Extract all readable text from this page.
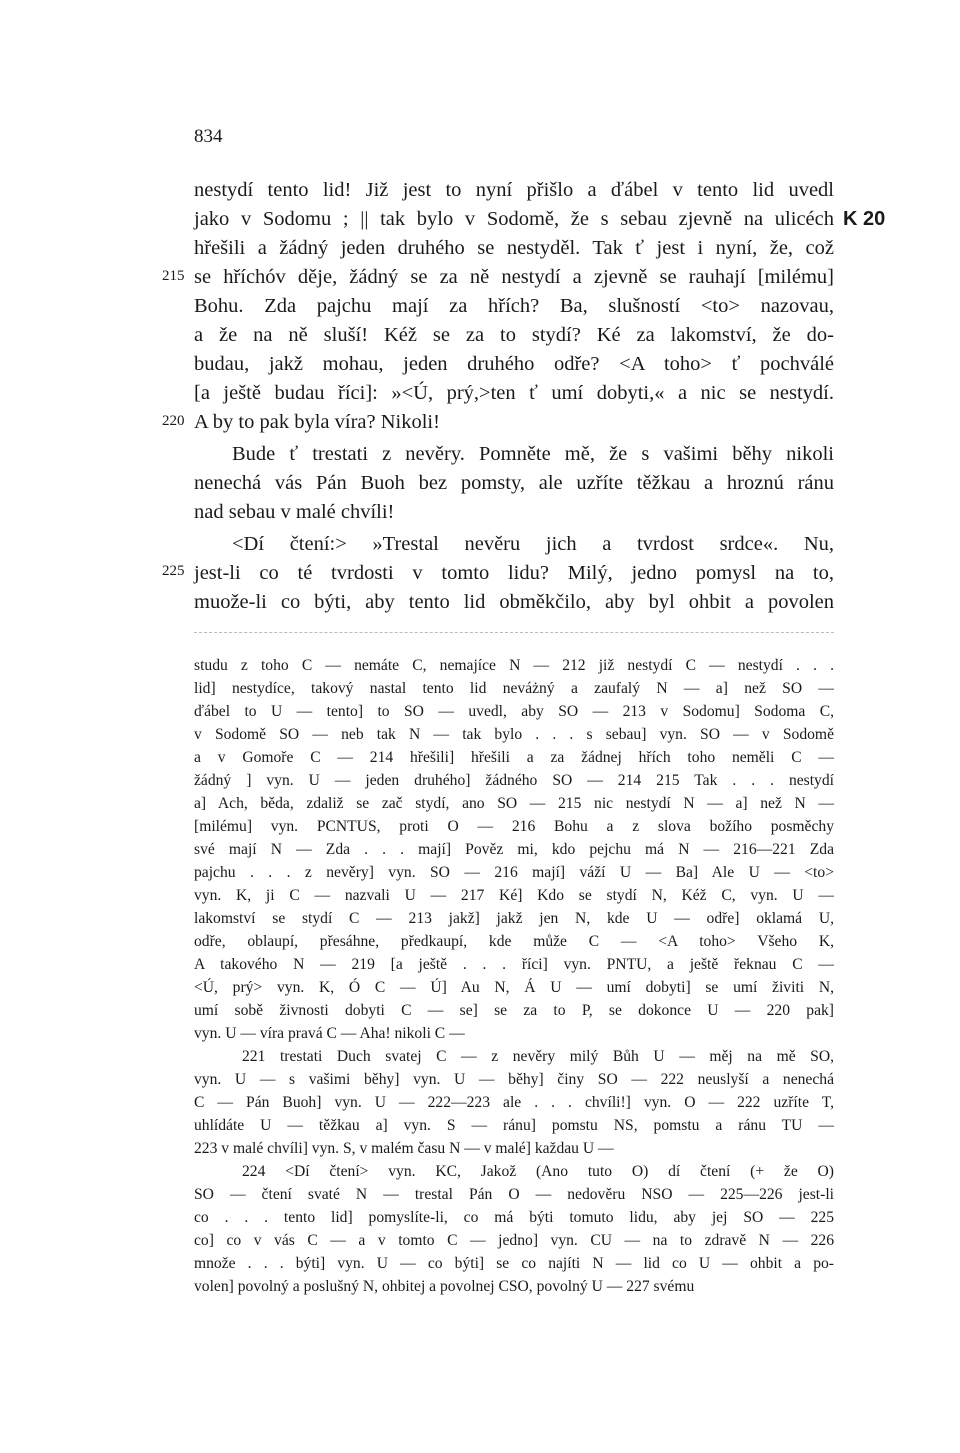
834
nestydí tento lid! Již jest to nyní přišlo a ďábel v tento lid uvedl
jako v Sodomu ; || tak bylo v Sodomě, že s sebau zjevně na ulicéch
hřešili a žádný jeden druhého se nestyděl. Tak ť jest i nyní, že, což
se hříchóv děje, žádný se za ně nestydí a zjevně se rauhají [milému]
Bohu. Zda pajchu mají za hřích? Ba, slušností <to> nazovau,
a že na ně sluší! Kéž se za to stydí? Ké za lakomství, že do-
budau, jakž mohau, jeden druhého odře? <A toho> ť pochválé
[a ještě budau říci]: »<Ú, prý,>ten ť umí dobyti,« a nic se nestydí.
A by to pak byla víra? Nikoli!
Bude ť trestati z nevěry. Pomněte mě, že s vašimi běhy nikoli
nenechá vás Pán Buoh bez pomsty, ale uzříte těžkau a hroznú ránu
nad sebau v malé chvíli!
<Dí čtení:> »Trestal nevěru jich a tvrdost srdce«. Nu,
jest-li co té tvrdosti v tomto lidu? Milý, jedno pomysl na to,
muože-li co býti, aby tento lid obměkčilo, aby byl ohbit a povolen
215
220
225
K 20
studu z toho C — nemáte C, nemajíce N — 212 již nestydí C — nestydí . . .
lid] nestydíce, takový nastal tento lid neváżný a zaufalý N — a] než SO —
ďábel to U — tento] to SO — uvedl, aby SO — 213 v Sodomu] Sodoma C,
v Sodomě SO — neb tak N — tak bylo . . . s sebau] vyn. SO — v Sodomě
a v Gomoře C — 214 hřešili] hřešili a za žádnej hřích toho neměli C —
žádný ] vyn. U — jeden druhého] žádného SO — 214 215 Tak . . . nestydí
a] Ach, běda, zdaliž se zač stydí, ano SO — 215 nic nestydí N — a] než N —
[milému] vyn. PCNTUS, proti O — 216 Bohu a z slova božího posměchy
své mají N — Zda . . . mají] Pověz mi, kdo pejchu má N — 216—221 Zda
pajchu . . . z nevěry] vyn. SO — 216 mají] váží U — Ba] Ale U — <to>
vyn. K, ji C — nazvali U — 217 Ké] Kdo se stydí N, Kéž C, vyn. U —
lakomství se stydí C — 213 jakž] jakž jen N, kde U — odře] oklamá U,
odře, oblaupí, přesáhne, předkaupí, kde může C — <A toho> Všeho K,
A takového N — 219 [a ještě . . . říci] vyn. PNTU, a ještě řeknau C —
<Ú, prý> vyn. K, Ó C — Ú] Au N, Á U — umí dobyti] se umí živiti N,
umí sobě živnosti dobyti C — se] se za to P, se dokonce U — 220 pak]
vyn. U — víra pravá C — Aha! nikoli C —
221 trestati Duch svatej C — z nevěry milý Bůh U — měj na mě SO,
vyn. U — s vašimi běhy] vyn. U — běhy] činy SO — 222 neuslyší a nenechá
C — Pán Buoh] vyn. U — 222—223 ale . . . chvíli!] vyn. O — 222 uzříte T,
uhlídáte U — těžkau a] vyn. S — ránu] pomstu NS, pomstu a ránu TU —
223 v malé chvíli] vyn. S, v malém času N — v malé] každau U —
224 <Dí čtení> vyn. KC, Jakož (Ano tuto O) dí čtení (+ že O)
SO — čtení svaté N — trestal Pán O — nedověru NSO — 225—226 jest-li
co . . . tento lid] pomyslíte-li, co má býti tomuto lidu, aby jej SO — 225
co] co v vás C — a v tomto C — jedno] vyn. CU — na to zdravě N — 226
množe . . . býti] vyn. U — co býti] se co najíti N — lid co U — ohbit a po-
volen] povolný a poslušný N, ohbitej a povolnej CSO, povolný U — 227 svému
